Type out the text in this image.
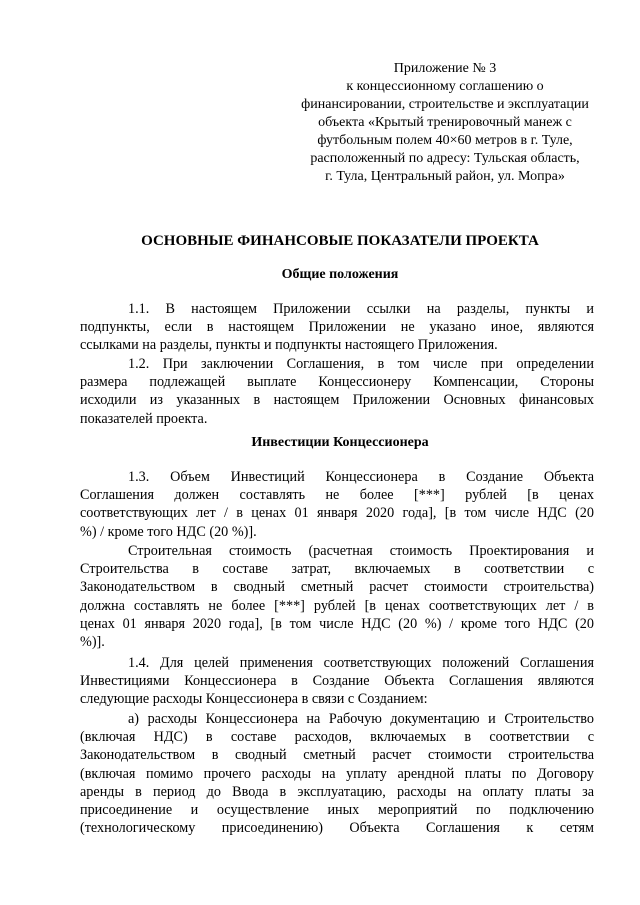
Приложение № 3
к концессионному соглашению о
финансировании, строительстве и эксплуатации
объекта «Крытый тренировочный манеж с
футбольным полем 40×60 метров в г. Туле,
расположенный по адресу: Тульская область,
г. Тула, Центральный район, ул. Мопра»
ОСНОВНЫЕ ФИНАНСОВЫЕ ПОКАЗАТЕЛИ ПРОЕКТА
Общие положения
1.1. В настоящем Приложении ссылки на разделы, пункты и
подпункты, если в настоящем Приложении не указано иное, являются
ссылками на разделы, пункты и подпункты настоящего Приложения.
1.2. При заключении Соглашения, в том числе при определении
размера подлежащей выплате Концессионеру Компенсации, Стороны
исходили из указанных в настоящем Приложении Основных финансовых
показателей проекта.
Инвестиции Концессионера
1.3. Объем Инвестиций Концессионера в Создание Объекта
Соглашения должен составлять не более [***] рублей [в ценах
соответствующих лет / в ценах 01 января 2020 года], [в том числе НДС (20
%) / кроме того НДС (20 %)].
Строительная стоимость (расчетная стоимость Проектирования и
Строительства в составе затрат, включаемых в соответствии с
Законодательством в сводный сметный расчет стоимости строительства)
должна составлять не более [***] рублей [в ценах соответствующих лет / в
ценах 01 января 2020 года], [в том числе НДС (20 %) / кроме того НДС (20
%)].
1.4. Для целей применения соответствующих положений Соглашения
Инвестициями Концессионера в Создание Объекта Соглашения являются
следующие расходы Концессионера в связи с Созданием:
а) расходы Концессионера на Рабочую документацию и Строительство
(включая НДС) в составе расходов, включаемых в соответствии с
Законодательством в сводный сметный расчет стоимости строительства
(включая помимо прочего расходы на уплату арендной платы по Договору
аренды в период до Ввода в эксплуатацию, расходы на оплату платы за
присоединение и осуществление иных мероприятий по подключению
(технологическому присоединению) Объекта Соглашения к сетям
